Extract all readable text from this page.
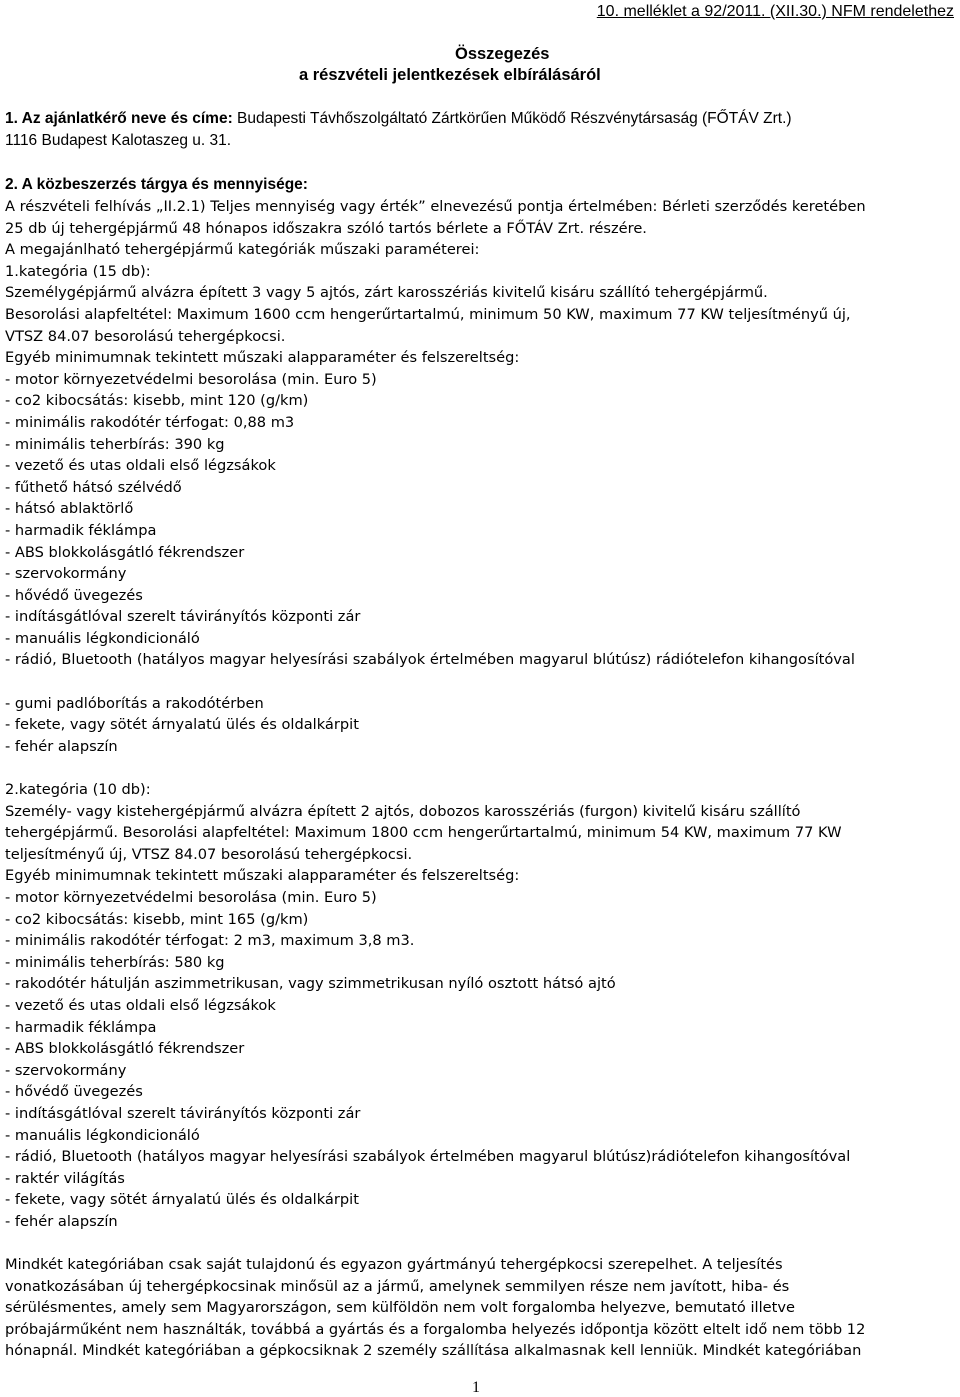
10. melléklet a 92/2011. (XII.30.) NFM rendelethez
Összegezés
a részvételi jelentkezések elbírálásáról
1. Az ajánlatkérő neve és címe: Budapesti Távhőszolgáltató Zártkörűen Működő Részvénytársaság (FŐTÁV Zrt.)
1116 Budapest Kalotaszeg u. 31.
2. A közbeszerzés tárgya és mennyisége:
A részvételi felhívás „II.2.1) Teljes mennyiség vagy érték” elnevezésű pontja értelmében: Bérleti szerződés keretében
25 db új tehergépjármű 48 hónapos időszakra szóló tartós bérlete a FŐTÁV Zrt. részére.
A megajánlható tehergépjármű kategóriák műszaki paraméterei:
1.kategória (15 db):
Személygépjármű alvázra épített 3 vagy 5 ajtós, zárt karosszériás kivitelű kisáru szállító tehergépjármű.
Besorolási alapfeltétel: Maximum 1600 ccm hengerűrtartalmú, minimum 50 KW, maximum 77 KW teljesítményű új,
VTSZ 84.07 besorolású tehergépkocsi.
Egyéb minimumnak tekintett műszaki alapparaméter és felszereltség:
- motor környezetvédelmi besorolása (min. Euro 5)
- co2 kibocsátás: kisebb, mint 120 (g/km)
- minimális rakodótér térfogat: 0,88 m3
- minimális teherbírás: 390 kg
- vezető és utas oldali első légzsákok
- fűthető hátsó szélvédő
- hátsó ablaktörlő
- harmadik féklámpa
- ABS blokkolásgátló fékrendszer
- szervokormány
- hővédő üvegezés
- indításgátlóval szerelt távirányítós központi zár
- manuális légkondicionáló
- rádió, Bluetooth (hatályos magyar helyesírási szabályok értelmében magyarul blútúsz) rádiótelefon kihangosítóval
- gumi padlóborítás a rakodótérben
- fekete, vagy sötét árnyalatú ülés és oldalkárpit
- fehér alapszín
2.kategória (10 db):
Személy- vagy kistehergépjármű alvázra épített 2 ajtós, dobozos karosszériás (furgon) kivitelű kisáru szállító
tehergépjármű. Besorolási alapfeltétel: Maximum 1800 ccm hengerűrtartalmú, minimum 54 KW, maximum 77 KW
teljesítményű új, VTSZ 84.07 besorolású tehergépkocsi.
Egyéb minimumnak tekintett műszaki alapparaméter és felszereltség:
- motor környezetvédelmi besorolása (min. Euro 5)
- co2 kibocsátás: kisebb, mint 165 (g/km)
- minimális rakodótér térfogat: 2 m3, maximum 3,8 m3.
- minimális teherbírás: 580 kg
- rakodótér hátulján aszimmetrikusan, vagy szimmetrikusan nyíló osztott hátsó ajtó
- vezető és utas oldali első légzsákok
- harmadik féklámpa
- ABS blokkolásgátló fékrendszer
- szervokormány
- hővédő üvegezés
- indításgátlóval szerelt távirányítós központi zár
- manuális légkondicionáló
- rádió, Bluetooth (hatályos magyar helyesírási szabályok értelmében magyarul blútúsz)rádiótelefon kihangosítóval
- raktér világítás
- fekete, vagy sötét árnyalatú ülés és oldalkárpit
- fehér alapszín
Mindkét kategóriában csak saját tulajdonú és egyazon gyártmányú tehergépkocsi szerepelhet. A teljesítés
vonatkozásában új tehergépkocsinak minősül az a jármű, amelynek semmilyen része nem javított, hiba- és
sérülésmentes, amely sem Magyarországon, sem külföldön nem volt forgalomba helyezve, bemutató illetve
próbajárműként nem használták, továbbá a gyártás és a forgalomba helyezés időpontja között eltelt idő nem több 12
hónapnál. Mindkét kategóriában a gépkocsiknak 2 személy szállítása alkalmasnak kell lenniük. Mindkét kategóriában
1
